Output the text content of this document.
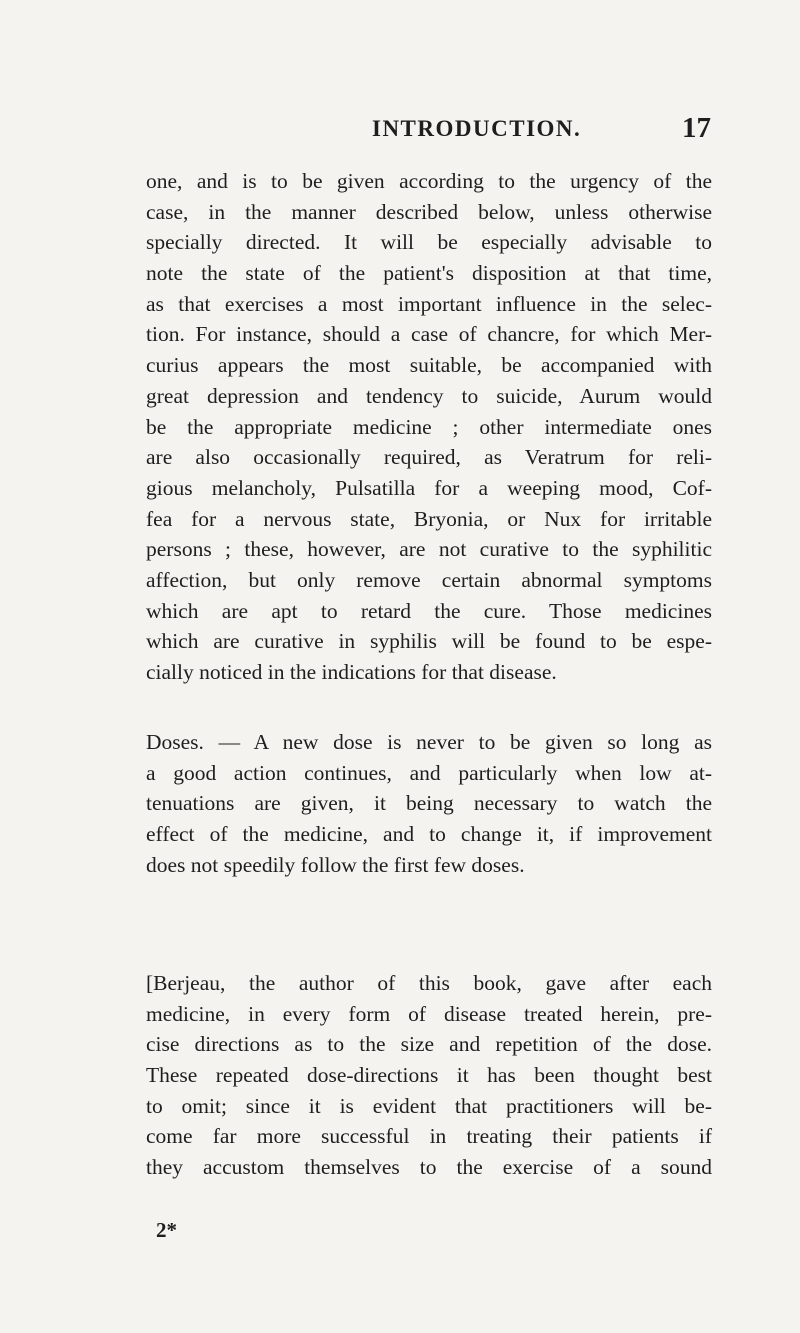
INTRODUCTION.	17
one, and is to be given according to the urgency of the
case, in the manner described below, unless otherwise
specially directed. It will be especially advisable to
note the state of the patient's disposition at that time,
as that exercises a most important influence in the selec-
tion. For instance, should a case of chancre, for which Mer-
curius appears the most suitable, be accompanied with
great depression and tendency to suicide, Aurum would
be the appropriate medicine ; other intermediate ones
are also occasionally required, as Veratrum for reli-
gious melancholy, Pulsatilla for a weeping mood, Cof-
fea for a nervous state, Bryonia, or Nux for irritable
persons ; these, however, are not curative to the syphilitic
affection, but only remove certain abnormal symptoms
which are apt to retard the cure. Those medicines
which are curative in syphilis will be found to be espe-
cially noticed in the indications for that disease.
Doses. — A new dose is never to be given so long as
a good action continues, and particularly when low at-
tenuations are given, it being necessary to watch the
effect of the medicine, and to change it, if improvement
does not speedily follow the first few doses.
[Berjeau, the author of this book, gave after each
medicine, in every form of disease treated herein, pre-
cise directions as to the size and repetition of the dose.
These repeated dose-directions it has been thought best
to omit; since it is evident that practitioners will be-
come far more successful in treating their patients if
they accustom themselves to the exercise of a sound
2*
